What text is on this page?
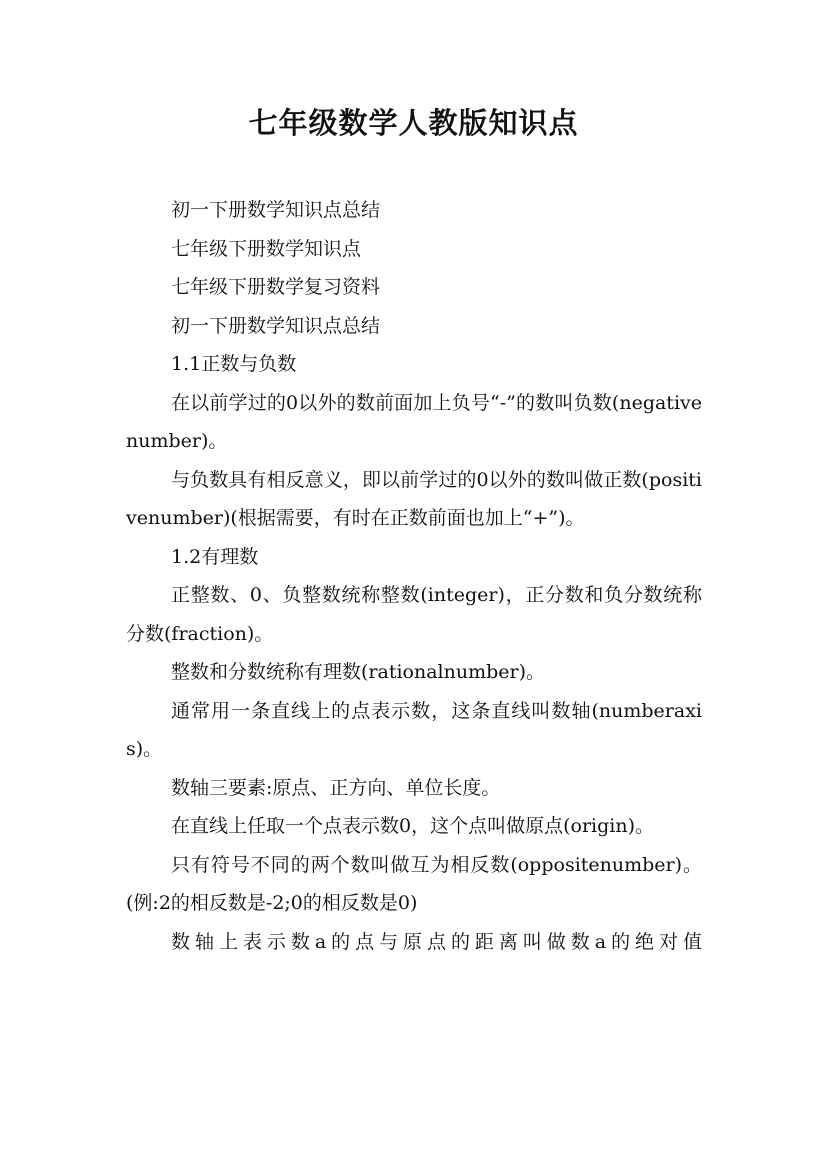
七年级数学人教版知识点

初一下册数学知识点总结

七年级下册数学知识点

七年级下册数学复习资料

初一下册数学知识点总结

1.1正数与负数

在以前学过的0以外的数前面加上负号“-”的数叫负数(negativenumber)。

与负数具有相反意义，即以前学过的0以外的数叫做正数(positivenumber)(根据需要，有时在正数前面也加上“+”)。

1.2有理数

正整数、0、负整数统称整数(integer)，正分数和负分数统称分数(fraction)。

整数和分数统称有理数(rationalnumber)。

通常用一条直线上的点表示数，这条直线叫数轴(numberaxis)。

数轴三要素:原点、正方向、单位长度。

在直线上任取一个点表示数0，这个点叫做原点(origin)。

只有符号不同的两个数叫做互为相反数(oppositenumber)。(例:2的相反数是-2;0的相反数是0)

数轴上表示数a的点与原点的距离叫做数a的绝对值
